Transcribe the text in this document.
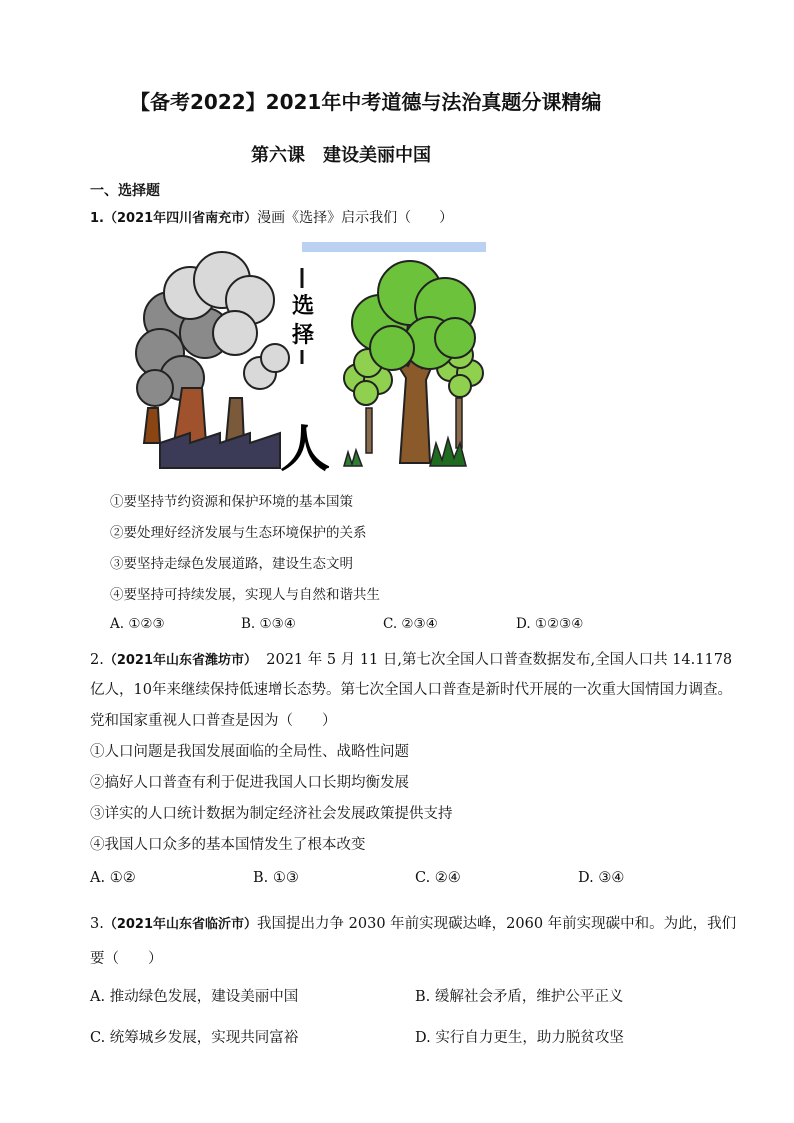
【备考2022】2021年中考道德与法治真题分课精编
第六课　建设美丽中国
一、选择题
1.（2021年四川省南充市）漫画《选择》启示我们（　　）
选
择
人
①要坚持节约资源和保护环境的基本国策
②要处理好经济发展与生态环境保护的关系
③要坚持走绿色发展道路，建设生态文明
④要坚持可持续发展，实现人与自然和谐共生
A. ①②③	B. ①③④	C. ②③④	D. ①②③④
2.（2021年山东省潍坊市） 2021 年 5 月 11 日,第七次全国人口普查数据发布,全国人口共 14.1178
亿人，10年来继续保持低速增长态势。第七次全国人口普查是新时代开展的一次重大国情国力调查。
党和国家重视人口普查是因为（　　）
①人口问题是我国发展面临的全局性、战略性问题
②搞好人口普查有利于促进我国人口长期均衡发展
③详实的人口统计数据为制定经济社会发展政策提供支持
④我国人口众多的基本国情发生了根本改变
A. ①②	B. ①③	C. ②④	D. ③④
3.（2021年山东省临沂市）我国提出力争 2030 年前实现碳达峰，2060 年前实现碳中和。为此，我们
要（　　）
A. 推动绿色发展，建设美丽中国	B. 缓解社会矛盾，维护公平正义
C. 统筹城乡发展，实现共同富裕	D. 实行自力更生，助力脱贫攻坚
